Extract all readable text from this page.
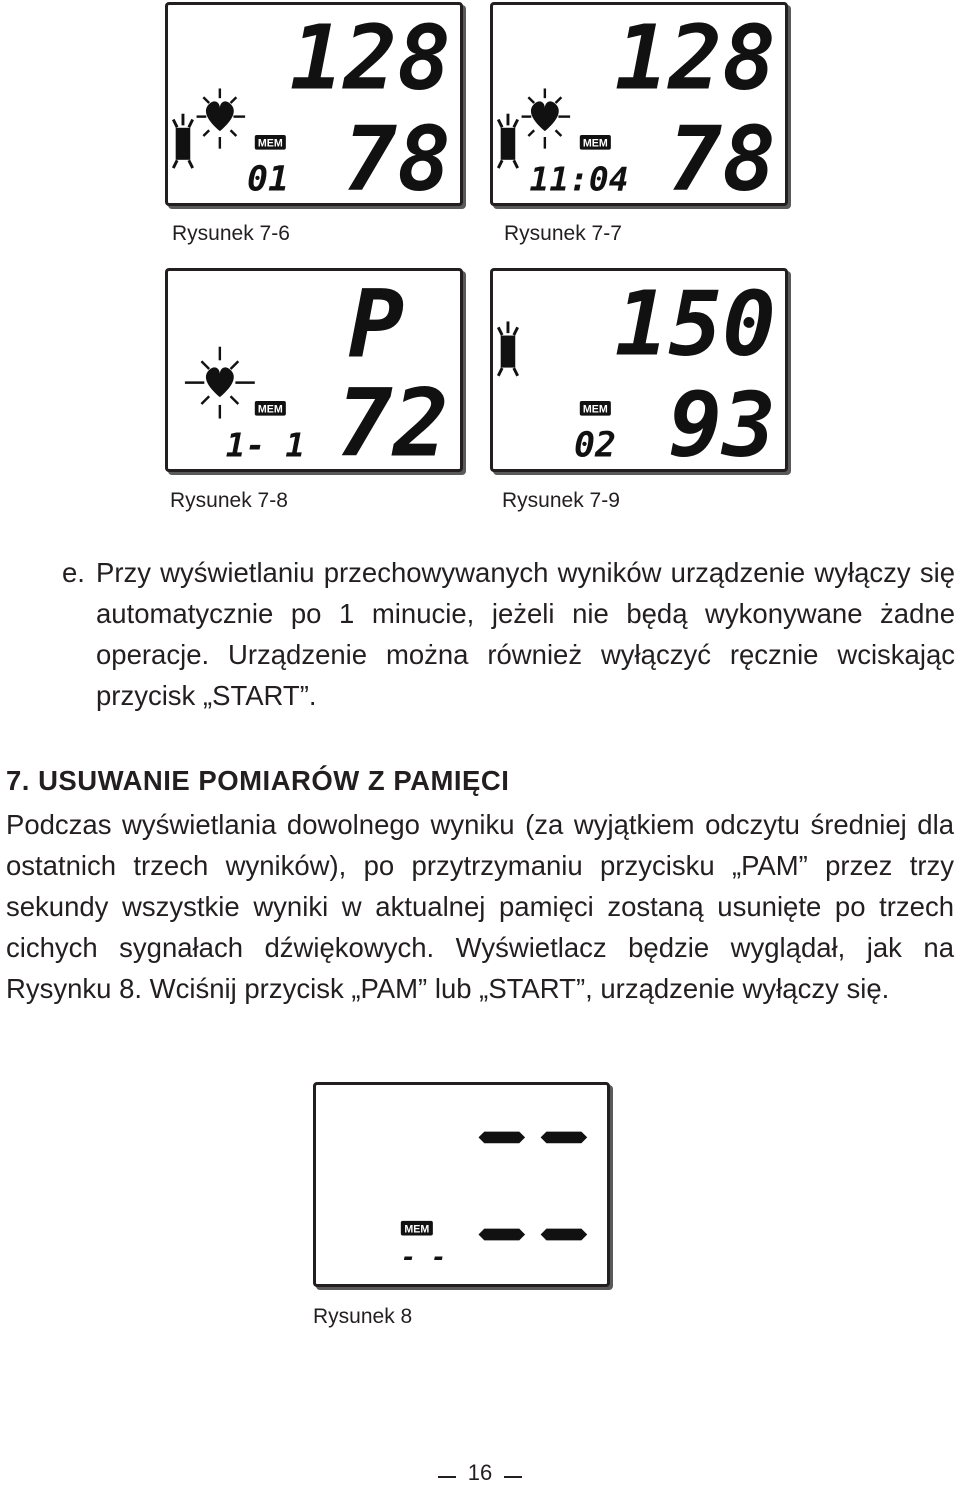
MEM
01
128
78
Rysunek 7-6
MEM
11:04
128
78
Rysunek 7-7
MEM
1- 1
P
72
Rysunek 7-8
MEM
02
150
93
Rysunek 7-9
e. Przy wyświetlaniu przechowywanych wyników urządzenie wyłączy się automatycznie po 1 minucie, jeżeli nie będą wykonywane żadne operacje. Urządzenie można również wyłączyć ręcznie wciskając przycisk „START”.

7. USUWANIE POMIARÓW Z PAMIĘCI

Podczas wyświetlania dowolnego wyniku (za wyjątkiem odczytu średniej dla ostatnich trzech wyników), po przytrzymaniu przycisku „PAM” przez trzy sekundy wszystkie wyniki w aktualnej pamięci zostaną usunięte po trzech cichych sygnałach dźwiękowych. Wyświetlacz będzie wyglądał, jak na Rysynku 8. Wciśnij przycisk „PAM” lub „START”, urządzenie wyłączy się.

MEM
- -
Rysunek 8
16
